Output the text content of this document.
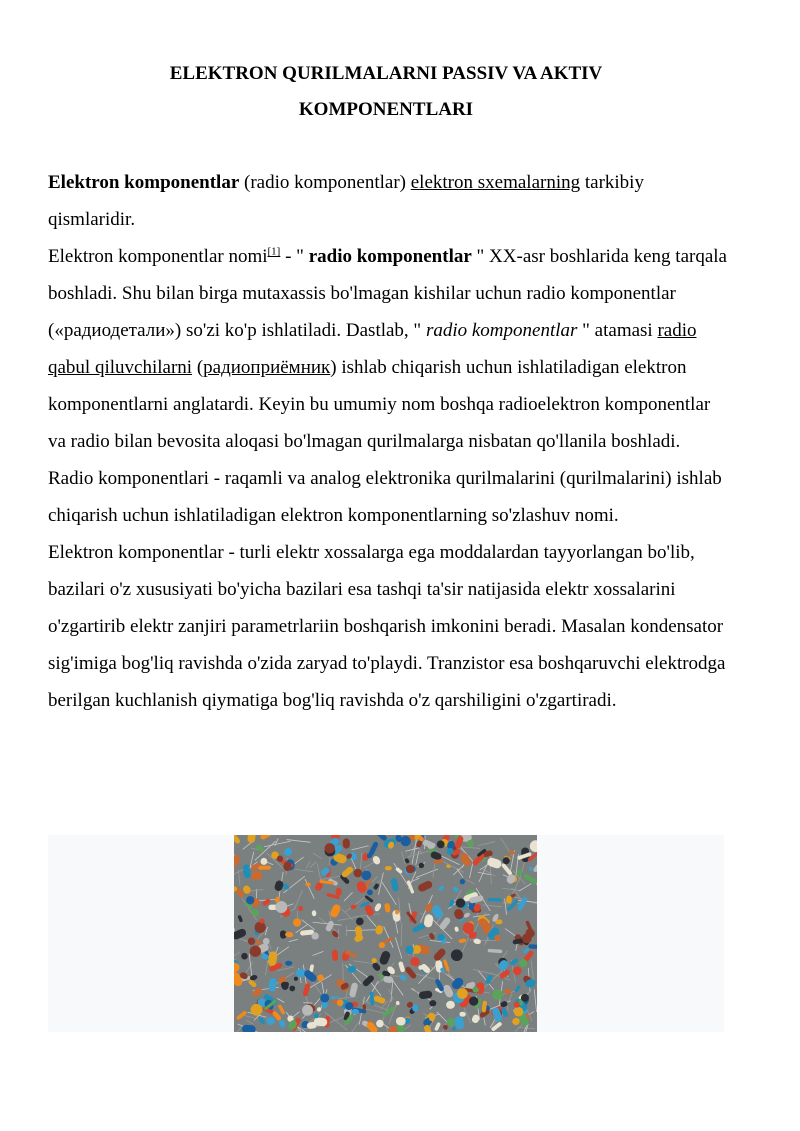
ELEKTRON QURILMALARNI PASSIV VA AKTIV
KOMPONENTLARI

Elektron komponentlar (radio komponentlar) elektron sxemalarning tarkibiy qismlaridir.

Elektron komponentlar nomi[1] - " radio komponentlar " XX-asr boshlarida keng tarqala boshladi. Shu bilan birga mutaxassis bo'lmagan kishilar uchun radio komponentlar («радиодетали») so'zi ko'p ishlatiladi. Dastlab, " radio komponentlar " atamasi radio qabul qiluvchilarni (радиоприёмник) ishlab chiqarish uchun ishlatiladigan elektron komponentlarni anglatardi. Keyin bu umumiy nom boshqa radioelektron komponentlar va radio bilan bevosita aloqasi bo'lmagan qurilmalarga nisbatan qo'llanila boshladi. Radio komponentlari - raqamli va analog elektronika qurilmalarini (qurilmalarini) ishlab chiqarish uchun ishlatiladigan elektron komponentlarning so'zlashuv nomi.

Elektron komponentlar - turli elektr xossalarga ega moddalardan tayyorlangan bo'lib, bazilari o'z xususiyati bo'yicha bazilari esa tashqi ta'sir natijasida elektr xossalarini o'zgartirib elektr zanjiri parametrlariin boshqarish imkonini beradi. Masalan kondensator sig'imiga bog'liq ravishda o'zida zaryad to'playdi. Tranzistor esa boshqaruvchi elektrodga berilgan kuchlanish qiymatiga bog'liq ravishda o'z qarshiligini o'zgartiradi.
